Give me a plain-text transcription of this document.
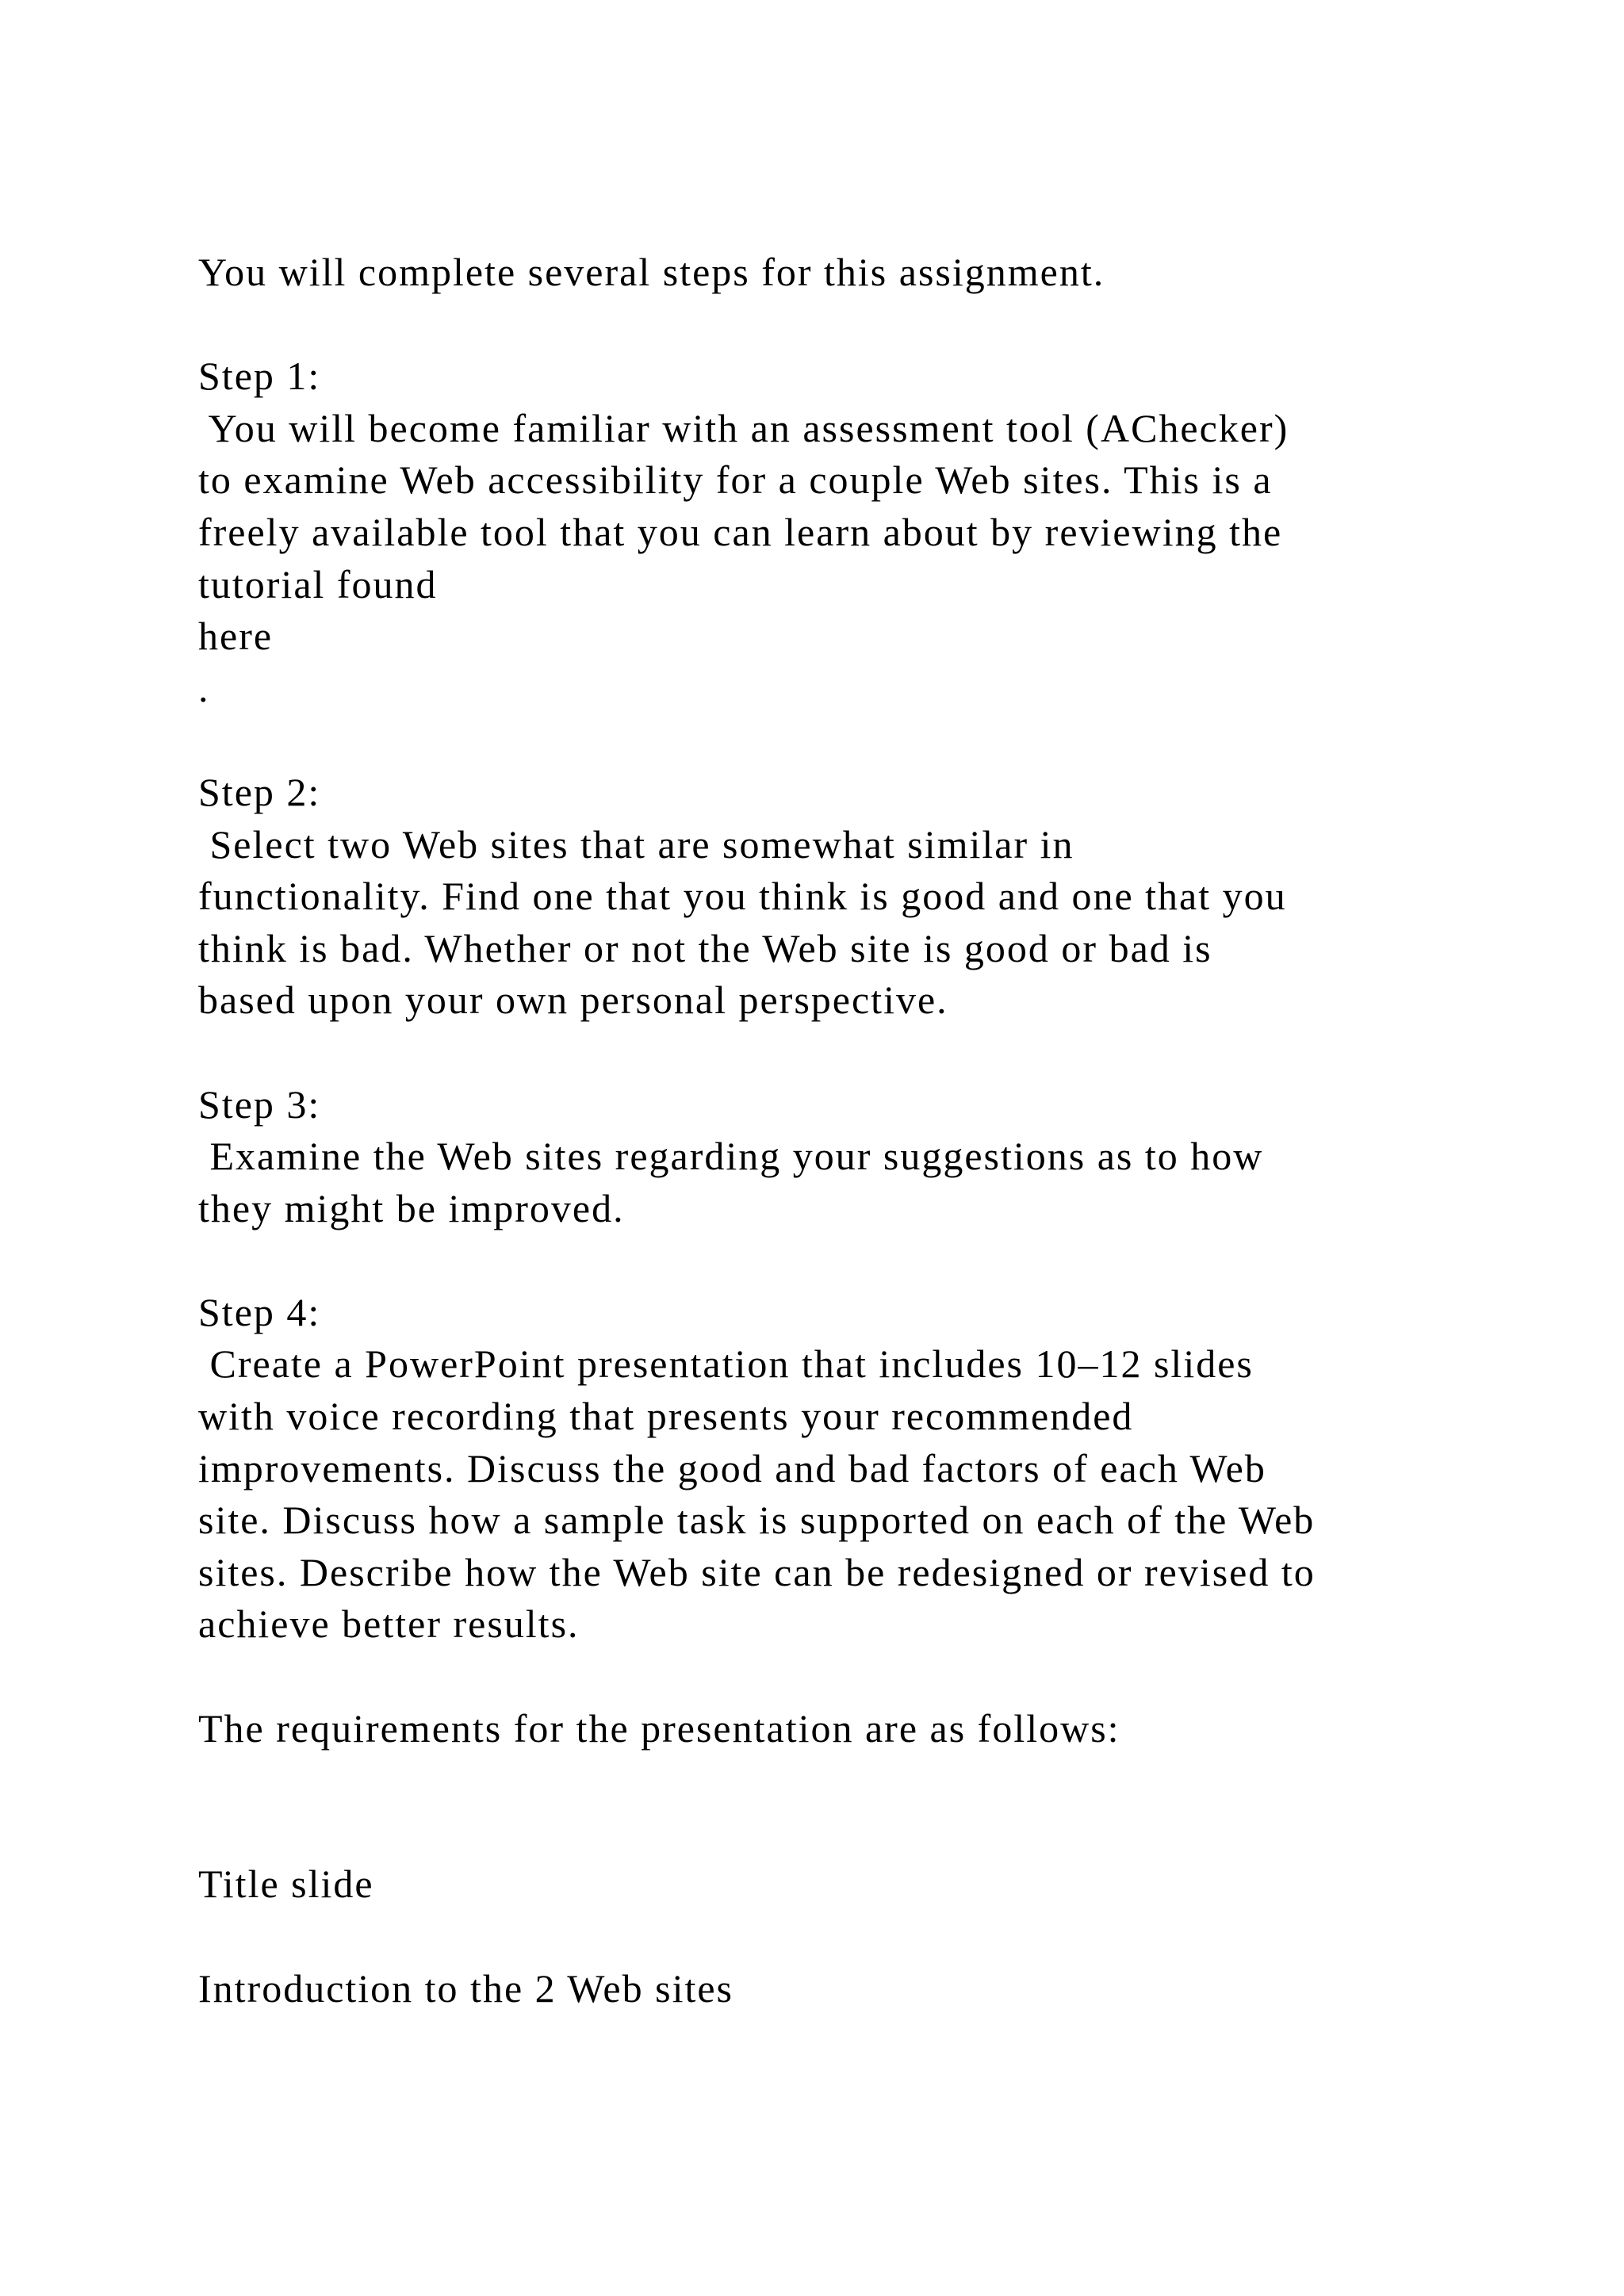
You will complete several steps for this assignment.
Step 1:
You will become familiar with an assessment tool (AChecker)
to examine Web accessibility for a couple Web sites. This is a
freely available tool that you can learn about by reviewing the
tutorial found
here
.
Step 2:
Select two Web sites that are somewhat similar in
functionality. Find one that you think is good and one that you
think is bad. Whether or not the Web site is good or bad is
based upon your own personal perspective.
Step 3:
Examine the Web sites regarding your suggestions as to how
they might be improved.
Step 4:
Create a PowerPoint presentation that includes 10–12 slides
with voice recording that presents your recommended
improvements. Discuss the good and bad factors of each Web
site. Discuss how a sample task is supported on each of the Web
sites. Describe how the Web site can be redesigned or revised to
achieve better results.
The requirements for the presentation are as follows:
Title slide
Introduction to the 2 Web sites
